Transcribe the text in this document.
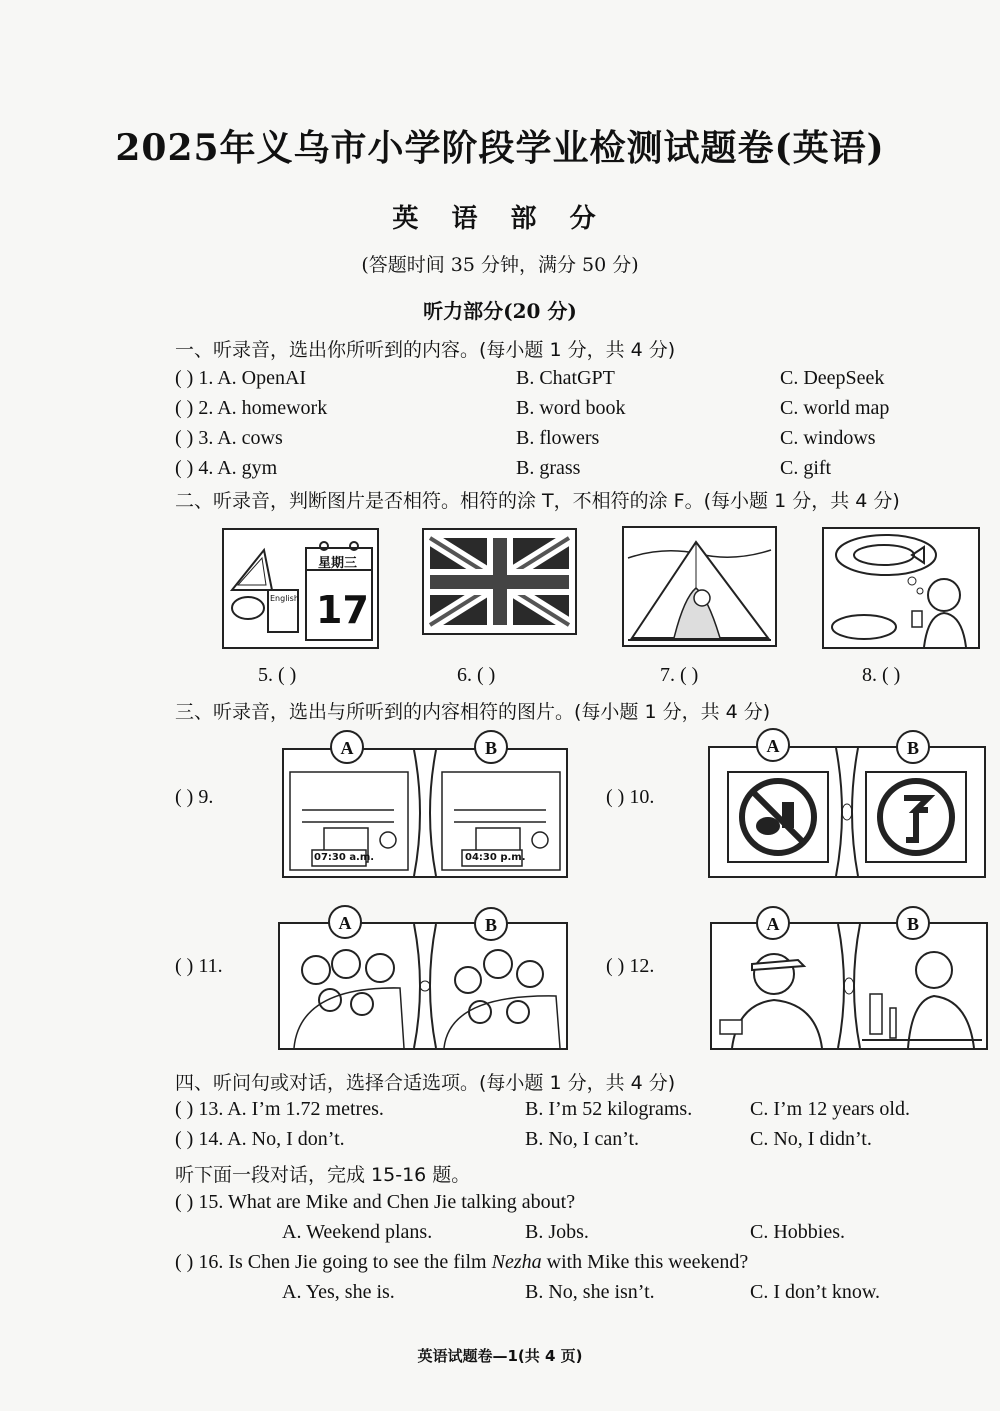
2025年义乌市小学阶段学业检测试题卷(英语)
英 语 部 分
(答题时间 35 分钟，满分 50 分)
听力部分(20 分)
一、听录音，选出你所听到的内容。(每小题 1 分，共 4 分)
( ) 1. A. OpenAI	B. ChatGPT	C. DeepSeek
( ) 2. A. homework	B. word book	C. world map
( ) 3. A. cows	B. flowers	C. windows
( ) 4. A. gym	B. grass	C. gift
二、听录音，判断图片是否相符。相符的涂 T，不相符的涂 F。(每小题 1 分，共 4 分)
星期三
17
English
5. ( )	6. ( )	7. ( )	8. ( )
三、听录音，选出与所听到的内容相符的图片。(每小题 1 分，共 4 分)
( ) 9.
07:30 a.m.	04:30 p.m.
A	B
( ) 10.
A	B
( ) 11.
A	B
( ) 12.
A	B
四、听问句或对话，选择合适选项。(每小题 1 分，共 4 分)
( ) 13. A. I’m 1.72 metres.	B. I’m 52 kilograms.	C. I’m 12 years old.
( ) 14. A. No, I don’t.	B. No, I can’t.	C. No, I didn’t.
听下面一段对话，完成 15-16 题。
( ) 15. What are Mike and Chen Jie talking about?
A. Weekend plans.	B. Jobs.	C. Hobbies.
( ) 16. Is Chen Jie going to see the film Nezha with Mike this weekend?
A. Yes, she is.	B. No, she isn’t.	C. I don’t know.
英语试题卷—1(共 4 页)
